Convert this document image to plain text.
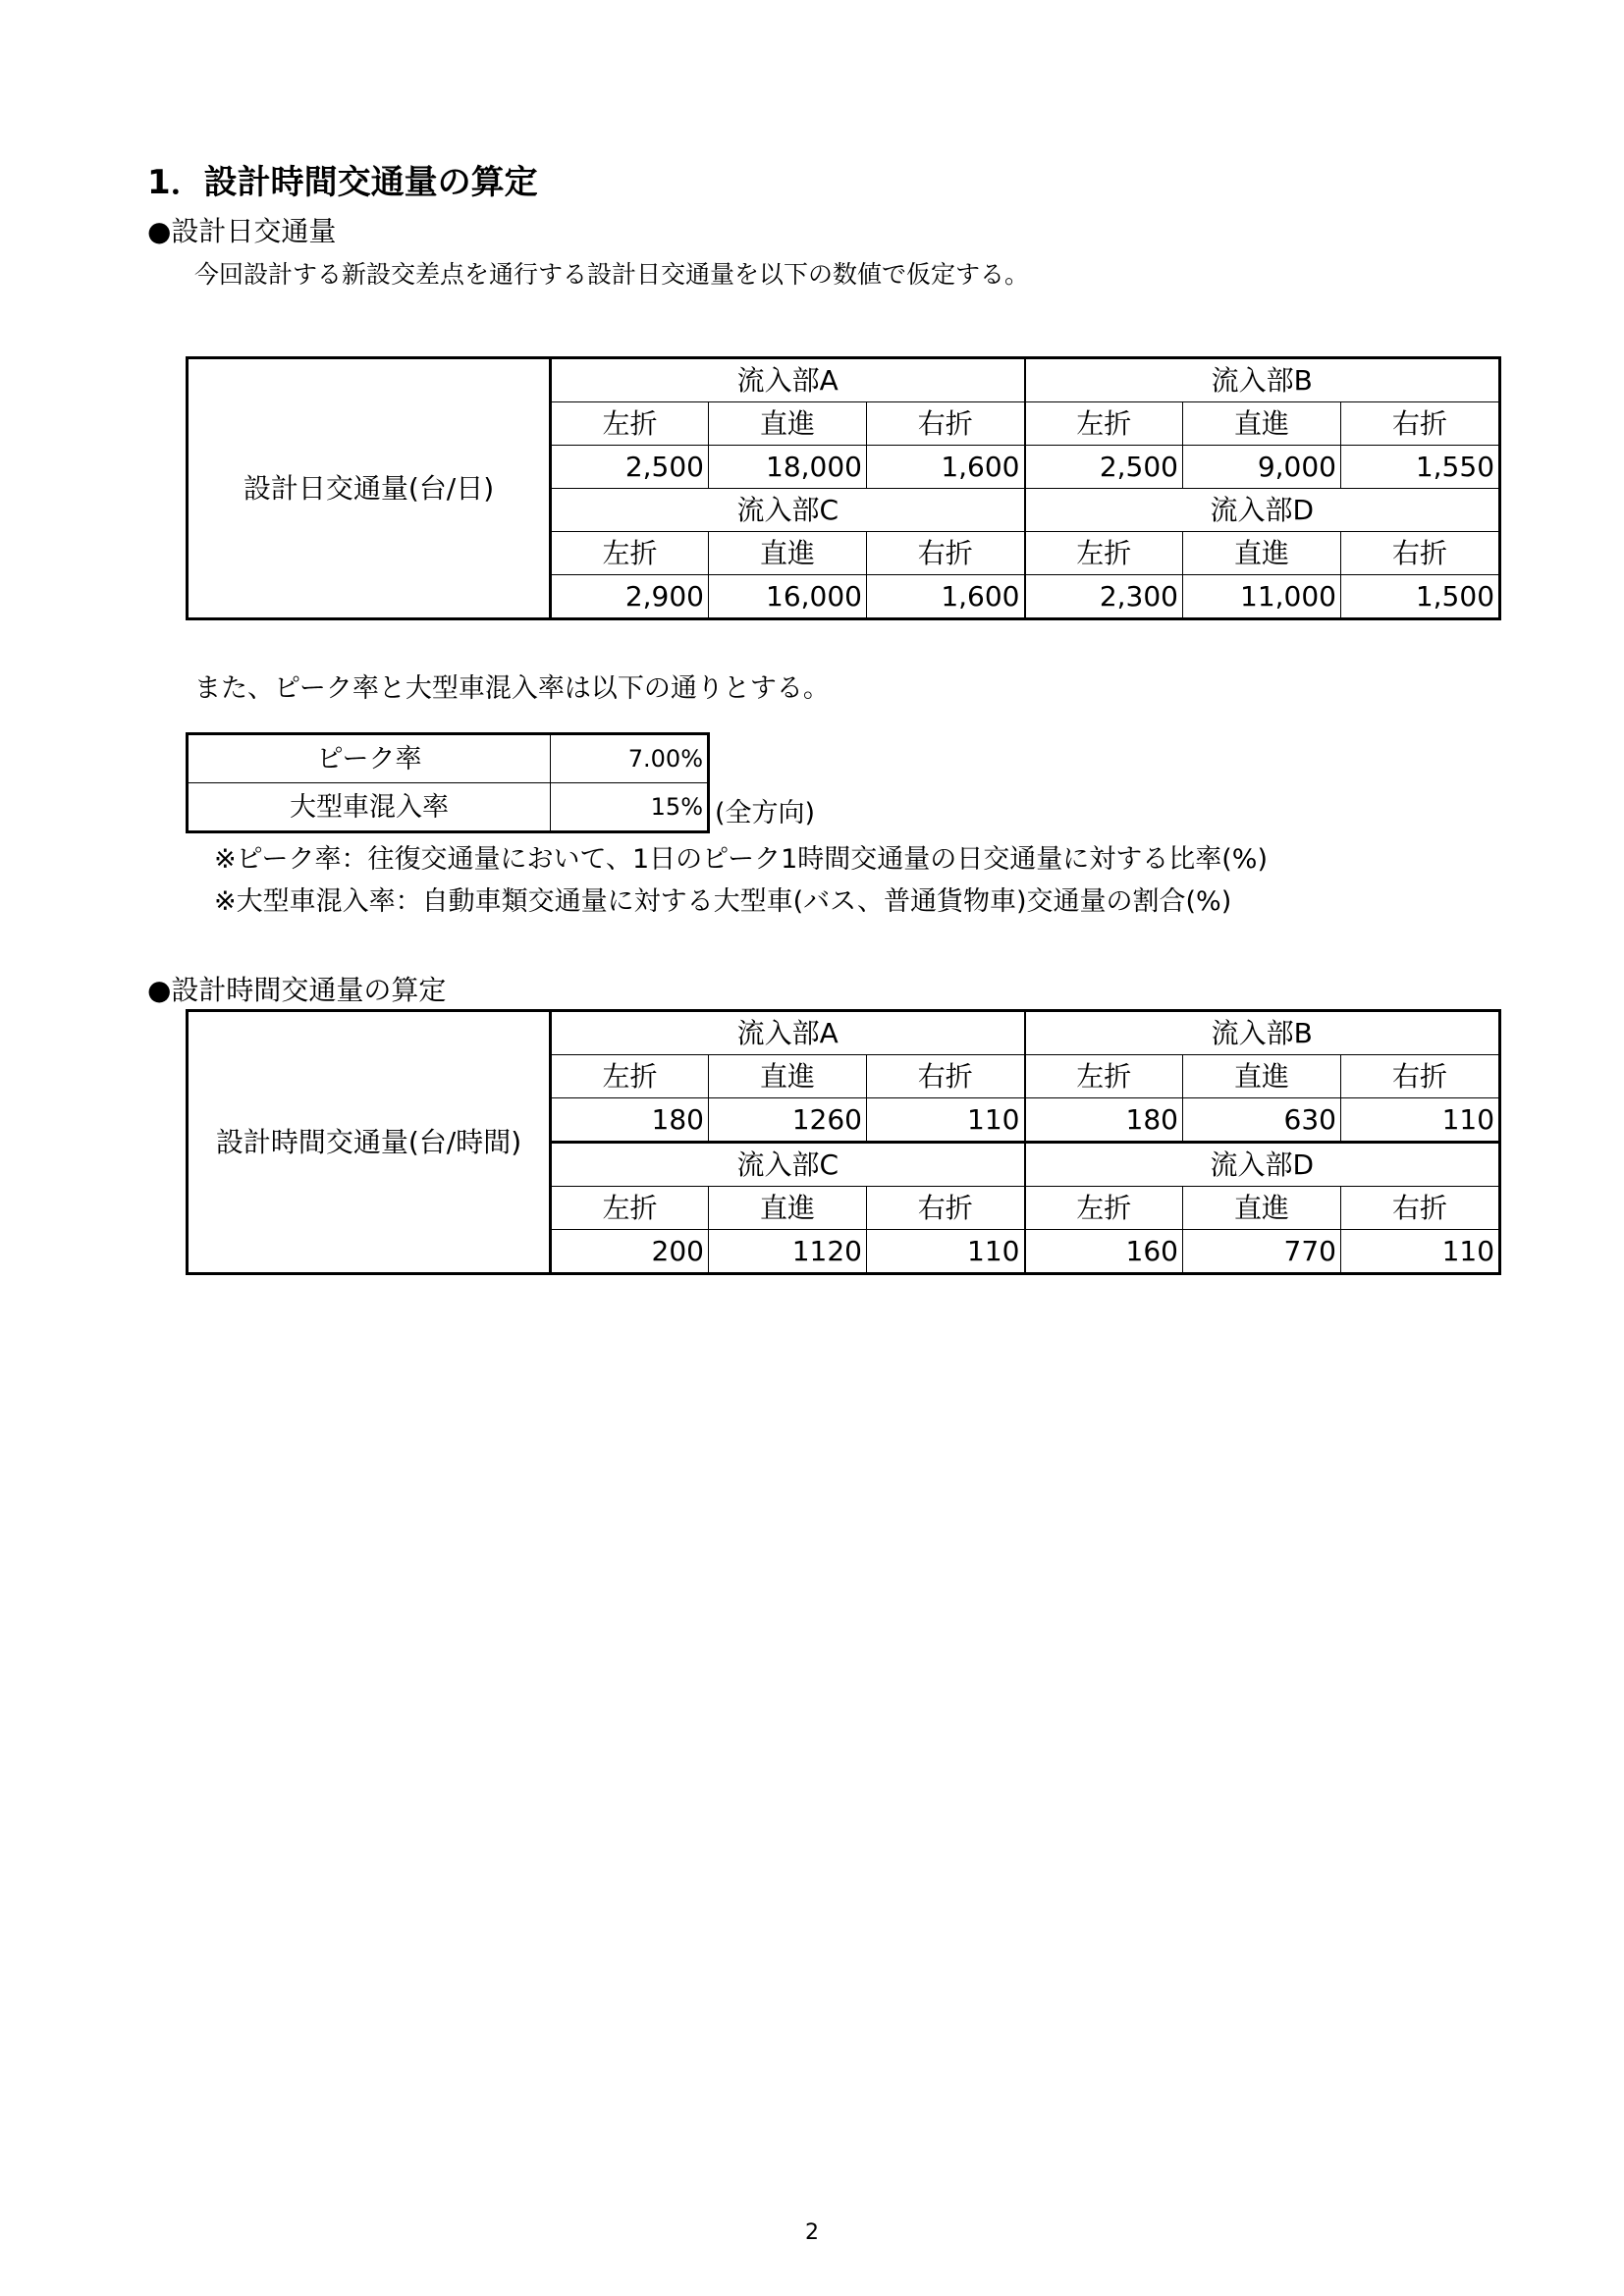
1．設計時間交通量の算定
●設計日交通量
今回設計する新設交差点を通行する設計日交通量を以下の数値で仮定する。
設計日交通量(台/日)	流入部A			流入部B		
	左折	直進	右折	左折	直進	右折
	2,500	18,000	1,600	2,500	9,000	1,550
	流入部C			流入部D		
	左折	直進	右折	左折	直進	右折
	2,900	16,000	1,600	2,300	11,000	1,500
また、ピーク率と大型車混入率は以下の通りとする。
ピーク率	7.00%
大型車混入率	15% (全方向)
※ピーク率：往復交通量において、1日のピーク1時間交通量の日交通量に対する比率(%)
※大型車混入率：自動車類交通量に対する大型車(バス、普通貨物車)交通量の割合(%)
●設計時間交通量の算定
設計時間交通量(台/時間)	流入部A			流入部B		
	左折	直進	右折	左折	直進	右折
	180	1260	110	180	630	110
	流入部C			流入部D		
	左折	直進	右折	左折	直進	右折
	200	1120	110	160	770	110
2
